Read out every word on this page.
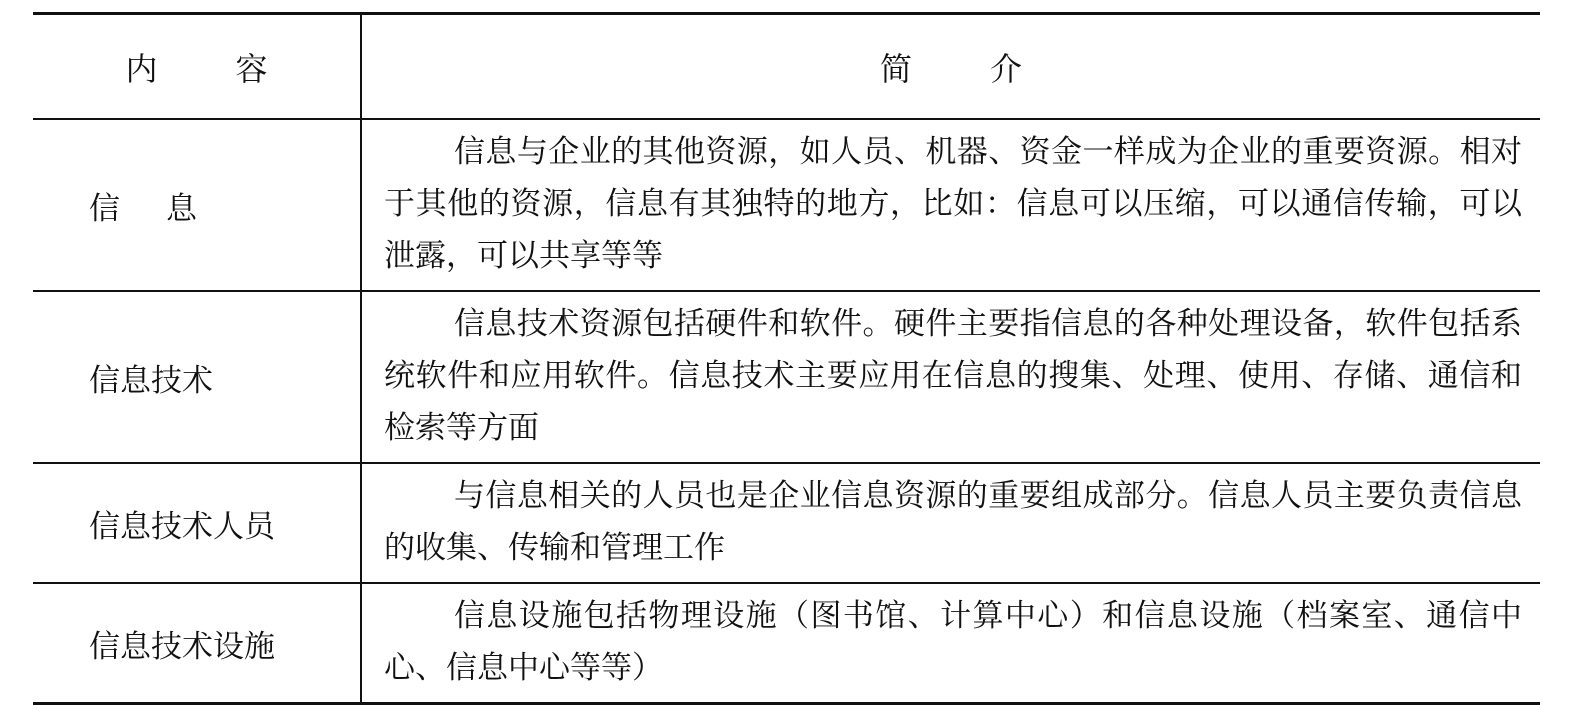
内 容	简 介

信 息	信息与企业的其他资源，如人员、机器、资金一样成为企业的重要资源。相对于其他的资源，信息有其独特的地方，比如：信息可以压缩，可以通信传输，可以泄露，可以共享等等
信息技术	信息技术资源包括硬件和软件。硬件主要指信息的各种处理设备，软件包括系统软件和应用软件。信息技术主要应用在信息的搜集、处理、使用、存储、通信和检索等方面
信息技术人员	与信息相关的人员也是企业信息资源的重要组成部分。信息人员主要负责信息的收集、传输和管理工作
信息技术设施	信息设施包括物理设施（图书馆、计算中心）和信息设施（档案室、通信中心、信息中心等等）
